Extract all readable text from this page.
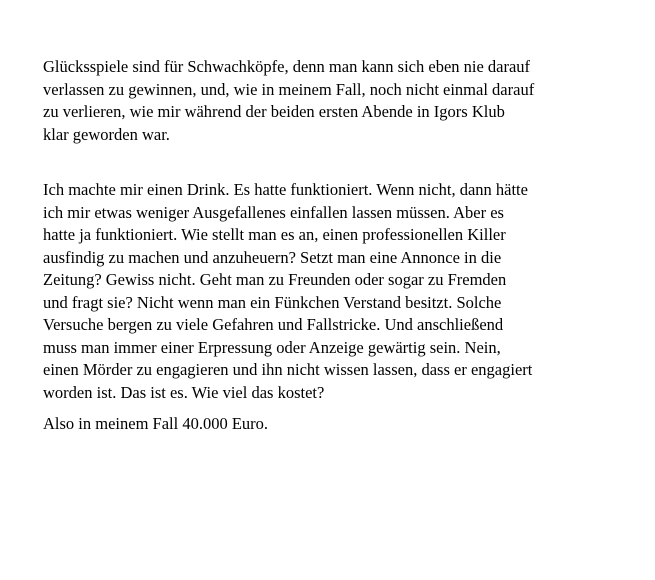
Glücksspiele sind für Schwachköpfe, denn man kann sich eben nie darauf
verlassen zu gewinnen, und, wie in meinem Fall, noch nicht einmal darauf
zu verlieren, wie mir während der beiden ersten Abende in Igors Klub
klar geworden war.
Ich machte mir einen Drink. Es hatte funktioniert. Wenn nicht, dann hätte
ich mir etwas weniger Ausgefallenes einfallen lassen müssen. Aber es
hatte ja funktioniert. Wie stellt man es an, einen professionellen Killer
ausfindig zu machen und anzuheuern? Setzt man eine Annonce in die
Zeitung? Gewiss nicht. Geht man zu Freunden oder sogar zu Fremden
und fragt sie? Nicht wenn man ein Fünkchen Verstand besitzt. Solche
Versuche bergen zu viele Gefahren und Fallstricke. Und anschließend
muss man immer einer Erpressung oder Anzeige gewärtig sein. Nein,
einen Mörder zu engagieren und ihn nicht wissen lassen, dass er engagiert
worden ist. Das ist es. Wie viel das kostet?
Also in meinem Fall 40.000 Euro.
